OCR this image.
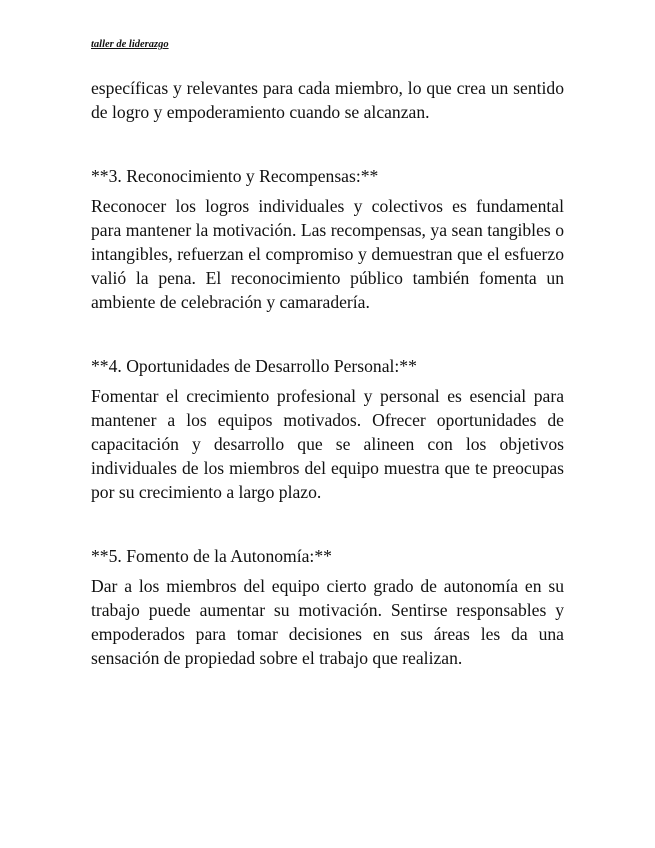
taller de liderazgo

específicas y relevantes para cada miembro, lo que crea un sentido de logro y empoderamiento cuando se alcanzan.

**3. Reconocimiento y Recompensas:**

Reconocer los logros individuales y colectivos es fundamental para mantener la motivación. Las recompensas, ya sean tangibles o intangibles, refuerzan el compromiso y demuestran que el esfuerzo valió la pena. El reconocimiento público también fomenta un ambiente de celebración y camaradería.

**4. Oportunidades de Desarrollo Personal:**

Fomentar el crecimiento profesional y personal es esencial para mantener a los equipos motivados. Ofrecer oportunidades de capacitación y desarrollo que se alineen con los objetivos individuales de los miembros del equipo muestra que te preocupas por su crecimiento a largo plazo.

**5. Fomento de la Autonomía:**

Dar a los miembros del equipo cierto grado de autonomía en su trabajo puede aumentar su motivación. Sentirse responsables y empoderados para tomar decisiones en sus áreas les da una sensación de propiedad sobre el trabajo que realizan.
